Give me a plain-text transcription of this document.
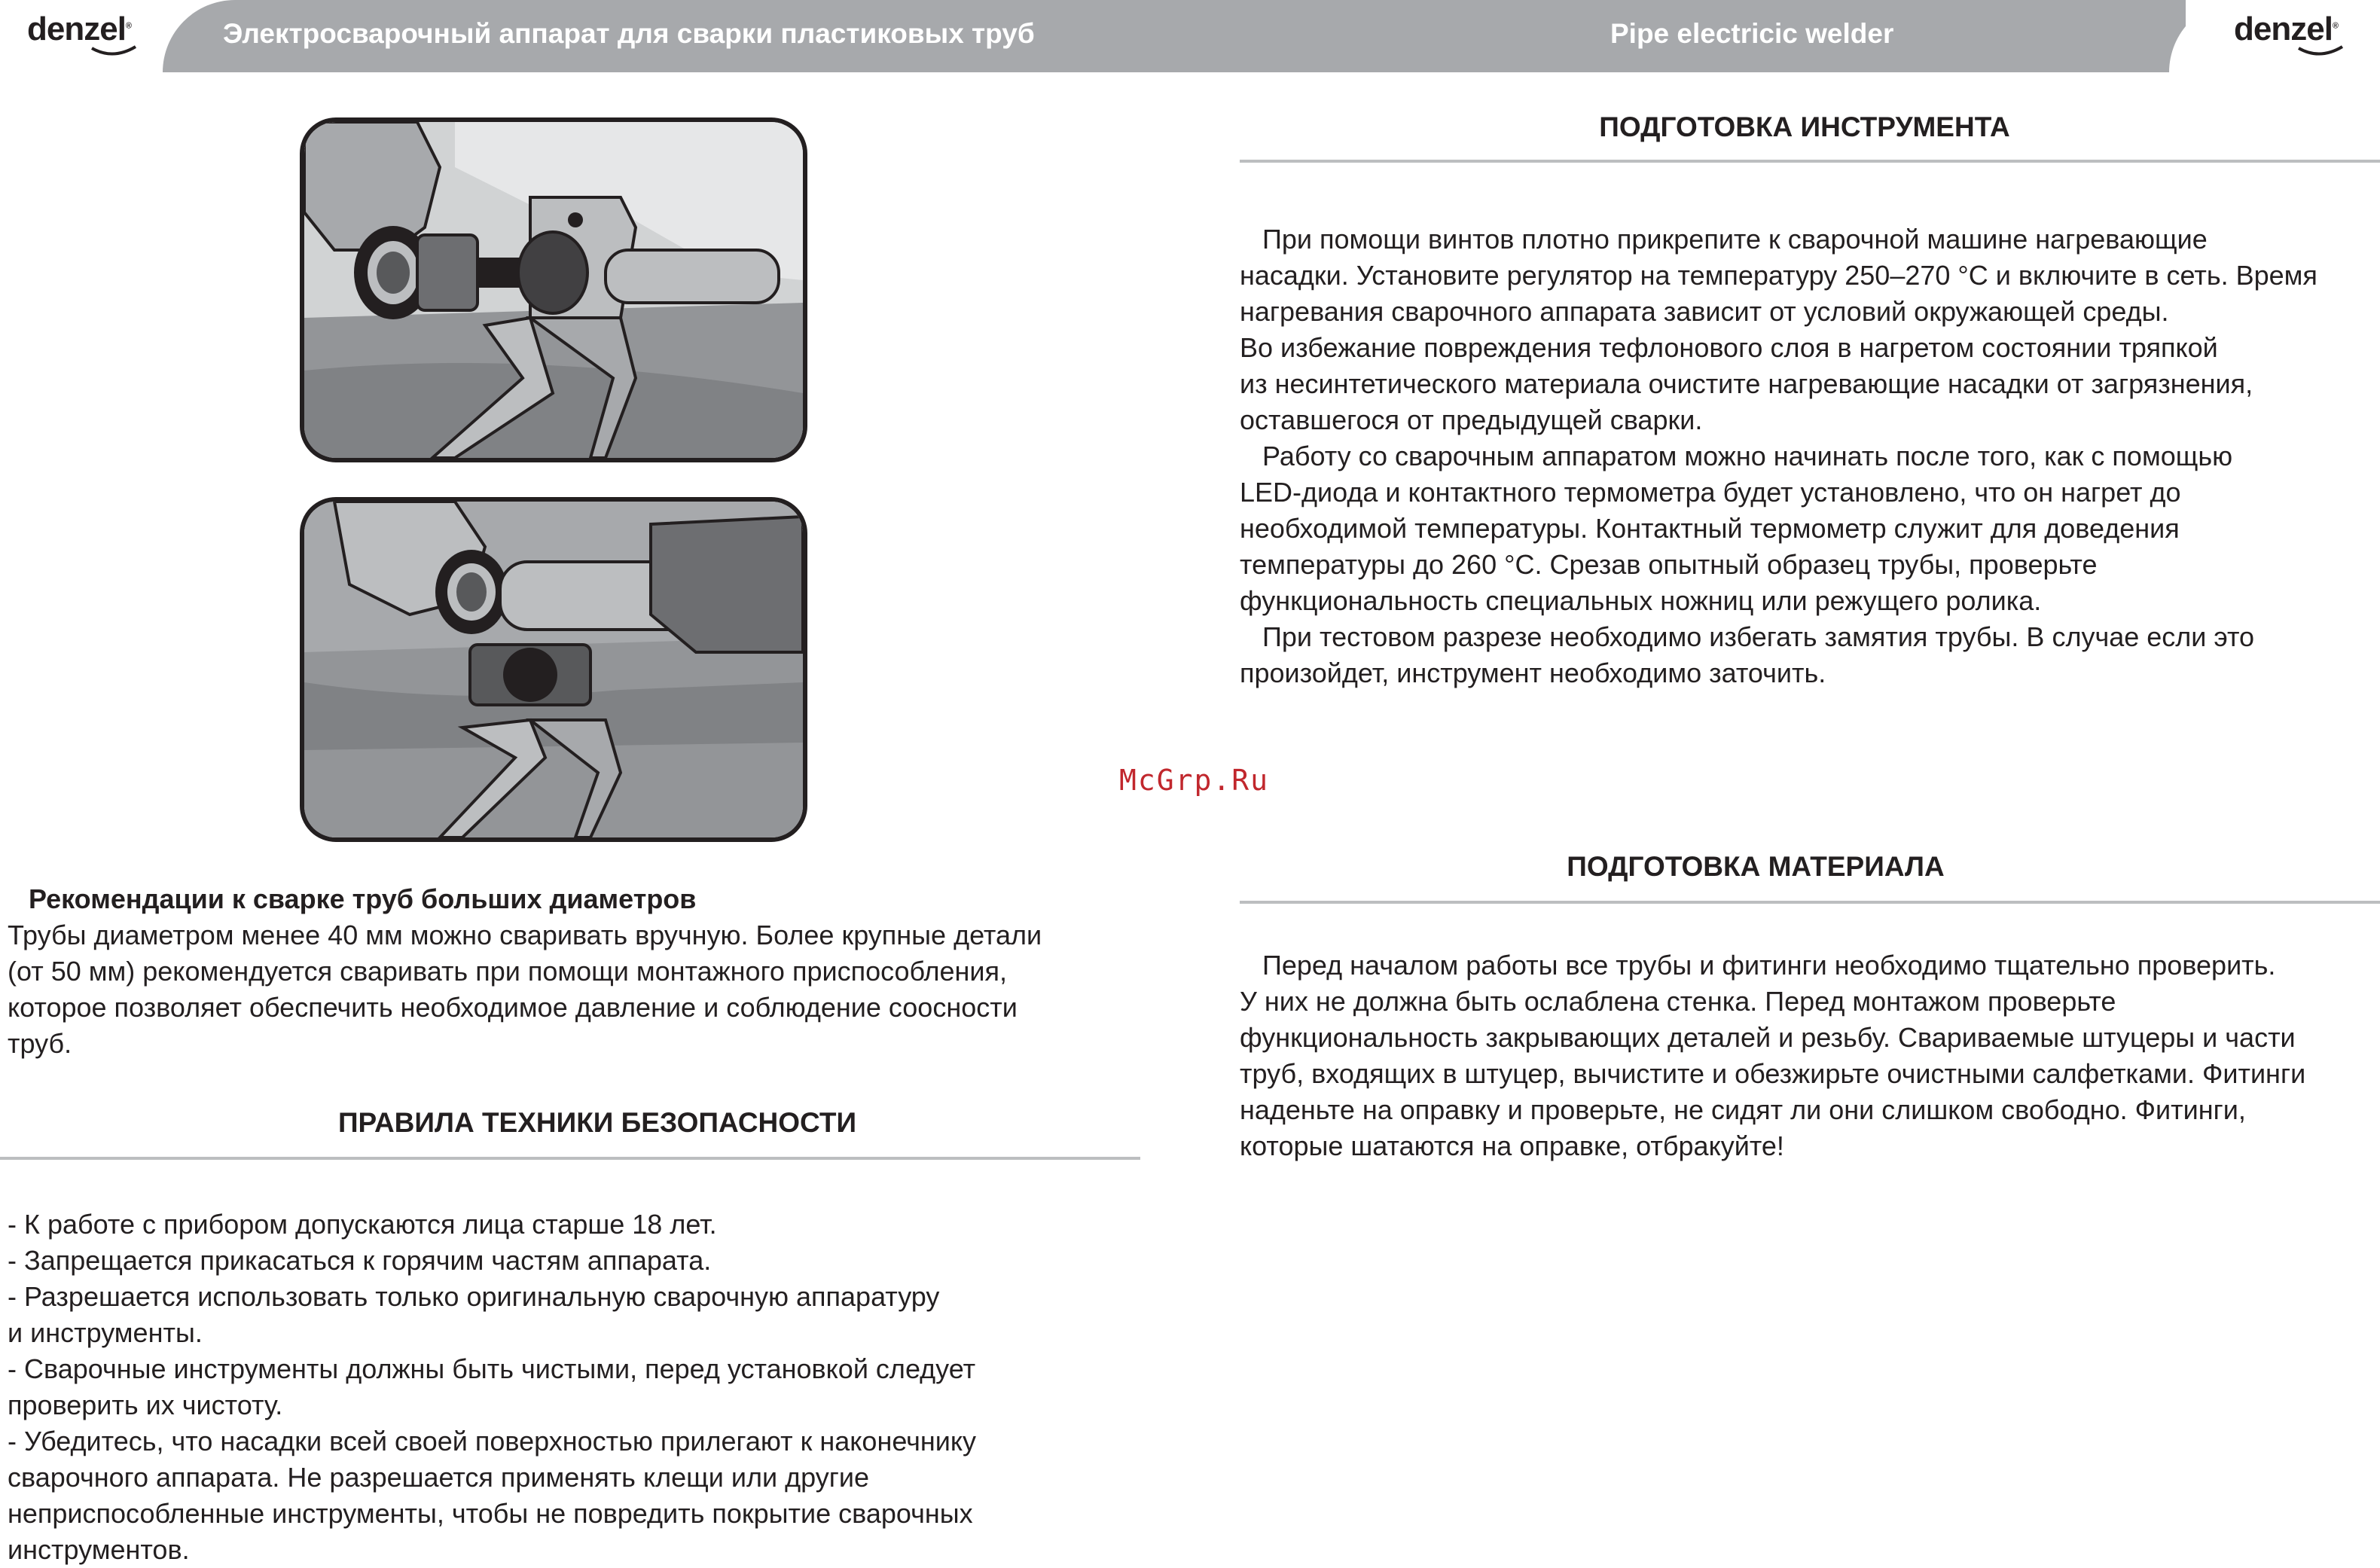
denzel®	Электросварочный аппарат для сварки пластиковых труб	Pipe electricic welder	denzel®

Рекомендации к сварке труб больших диаметров

Трубы диаметром менее 40 мм можно сваривать вручную. Более крупные детали

(от 50 мм) рекомендуется сваривать при помощи монтажного приспособления,

которое позволяет обеспечить необходимое давление и соблюдение соосности

труб.

ПРАВИЛА ТЕХНИКИ БЕЗОПАСНОСТИ

- К работе с прибором допускаются лица старше 18 лет.

- Запрещается прикасаться к горячим частям аппарата.

- Разрешается использовать только оригинальную сварочную аппаратуру

и инструменты.

- Сварочные инструменты должны быть чистыми, перед установкой следует

проверить их чистоту.

- Убедитесь, что насадки всей своей поверхностью прилегают к наконечнику

сварочного аппарата. Не разрешается применять клещи или другие

неприспособленные инструменты, чтобы не повредить покрытие сварочных

инструментов.

ПОДГОТОВКА ИНСТРУМЕНТА

При помощи винтов плотно прикрепите к сварочной машине нагревающие

насадки. Установите регулятор на температуру 250–270 °C и включите в сеть. Время

нагревания сварочного аппарата зависит от условий окружающей среды.

Во избежание повреждения тефлонового слоя в нагретом состоянии тряпкой

из несинтетического материала очистите нагревающие насадки от загрязнения,

оставшегося от предыдущей сварки.

Работу со сварочным аппаратом можно начинать после того, как с помощью

LED-диода и контактного термометра будет установлено, что он нагрет до

необходимой температуры. Контактный термометр служит для доведения

температуры до 260 °C. Срезав опытный образец трубы, проверьте

функциональность специальных ножниц или режущего ролика.

При тестовом разрезе необходимо избегать замятия трубы. В случае если это

произойдет, инструмент необходимо заточить.

McGrp.Ru
ПОДГОТОВКА МАТЕРИАЛА

Перед началом работы все трубы и фитинги необходимо тщательно проверить.

У них не должна быть ослаблена стенка. Перед монтажом проверьте

функциональность закрывающих деталей и резьбу. Свариваемые штуцеры и части

труб, входящих в штуцер, вычистите и обезжирьте очистными салфетками. Фитинги

наденьте на оправку и проверьте, не сидят ли они слишком свободно. Фитинги,

которые шатаются на оправке, отбракуйте!
